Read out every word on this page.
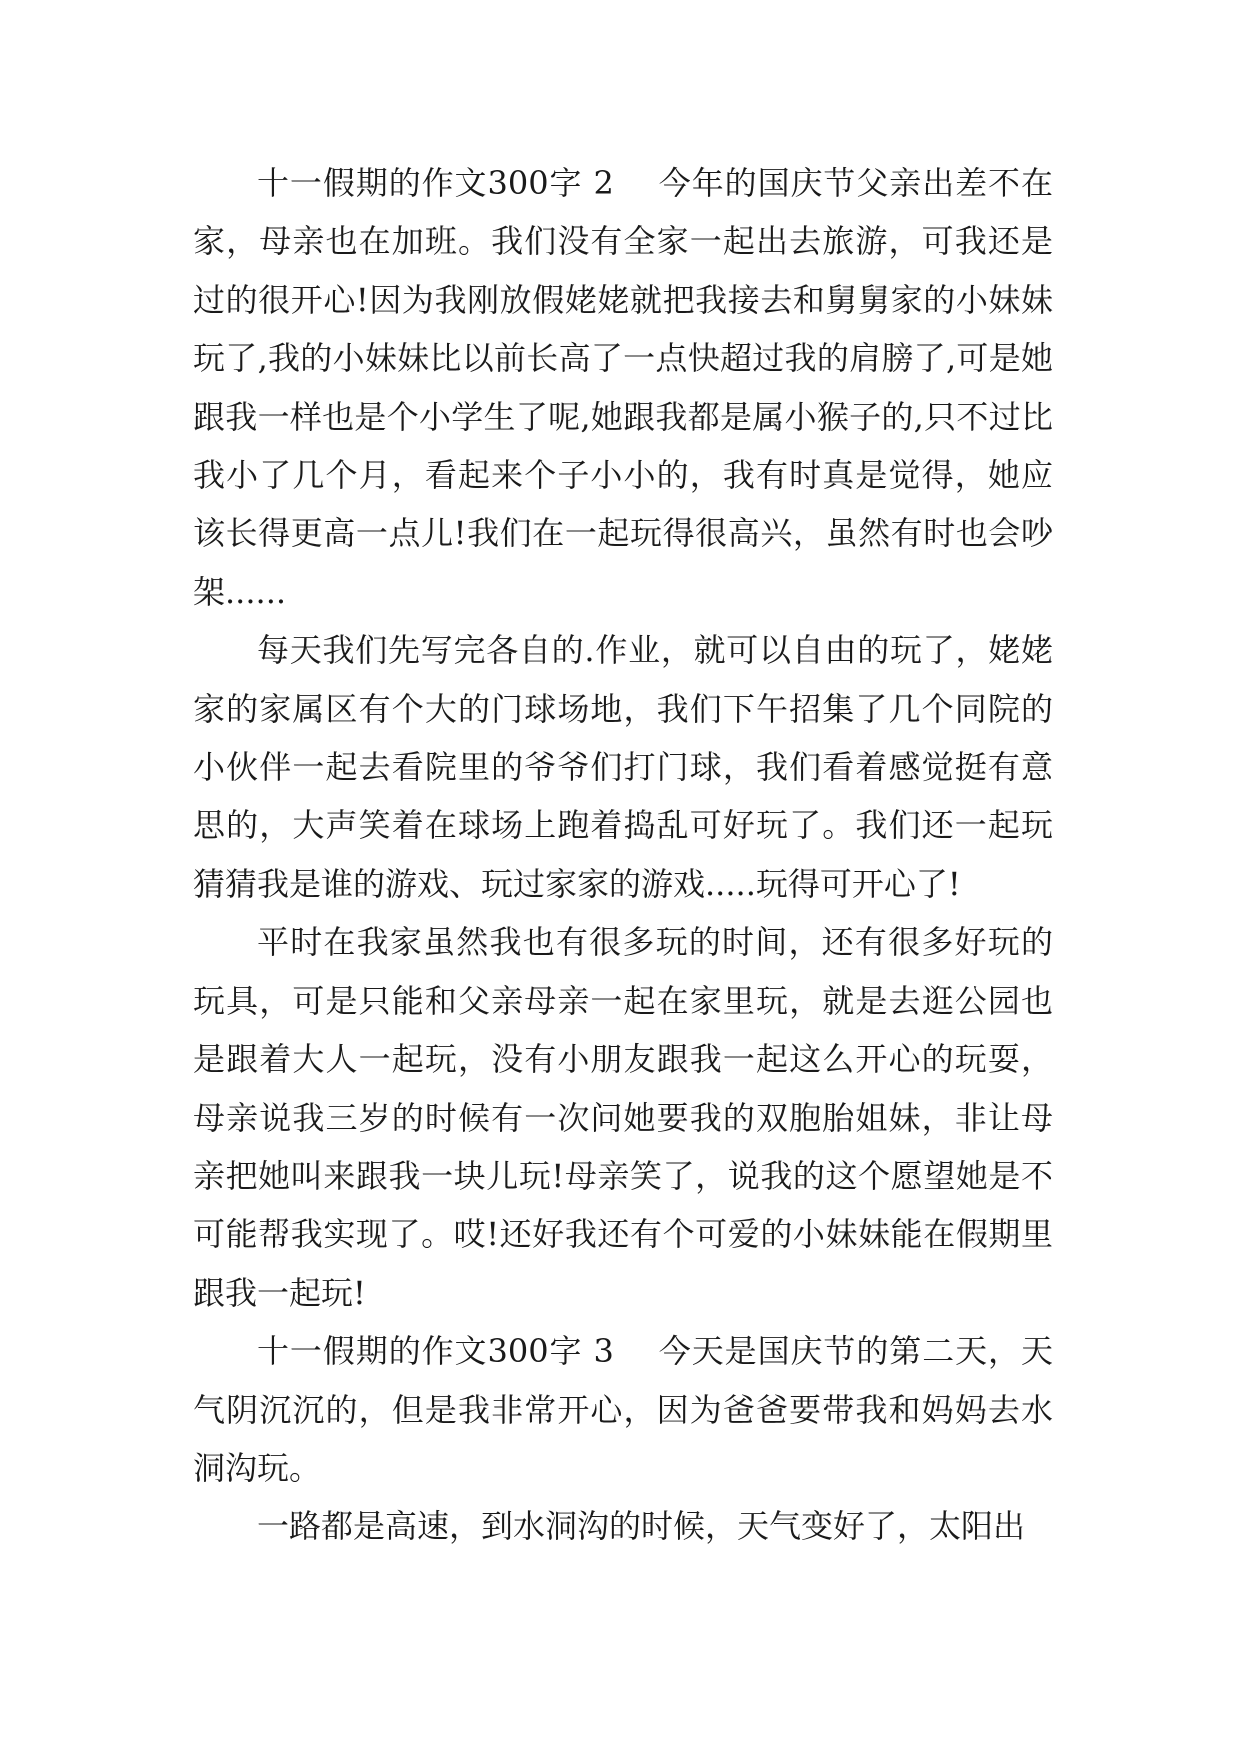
十一假期的作文300字 2 今年的国庆节父亲出差不在家，母亲也在加班。我们没有全家一起出去旅游，可我还是过的很开心!因为我刚放假姥姥就把我接去和舅舅家的小妹妹玩了,我的小妹妹比以前长高了一点快超过我的肩膀了,可是她跟我一样也是个小学生了呢,她跟我都是属小猴子的,只不过比我小了几个月，看起来个子小小的，我有时真是觉得，她应该长得更高一点儿!我们在一起玩得很高兴，虽然有时也会吵架......

每天我们先写完各自的.作业，就可以自由的玩了，姥姥家的家属区有个大的门球场地，我们下午招集了几个同院的小伙伴一起去看院里的爷爷们打门球，我们看着感觉挺有意思的，大声笑着在球场上跑着捣乱可好玩了。我们还一起玩猜猜我是谁的游戏、玩过家家的游戏.....玩得可开心了!

平时在我家虽然我也有很多玩的时间，还有很多好玩的玩具，可是只能和父亲母亲一起在家里玩，就是去逛公园也是跟着大人一起玩，没有小朋友跟我一起这么开心的玩耍，母亲说我三岁的时候有一次问她要我的双胞胎姐妹，非让母亲把她叫来跟我一块儿玩!母亲笑了，说我的这个愿望她是不可能帮我实现了。哎!还好我还有个可爱的小妹妹能在假期里跟我一起玩!

十一假期的作文300字 3 今天是国庆节的第二天，天气阴沉沉的，但是我非常开心，因为爸爸要带我和妈妈去水洞沟玩。

一路都是高速，到水洞沟的时候，天气变好了，太阳出
